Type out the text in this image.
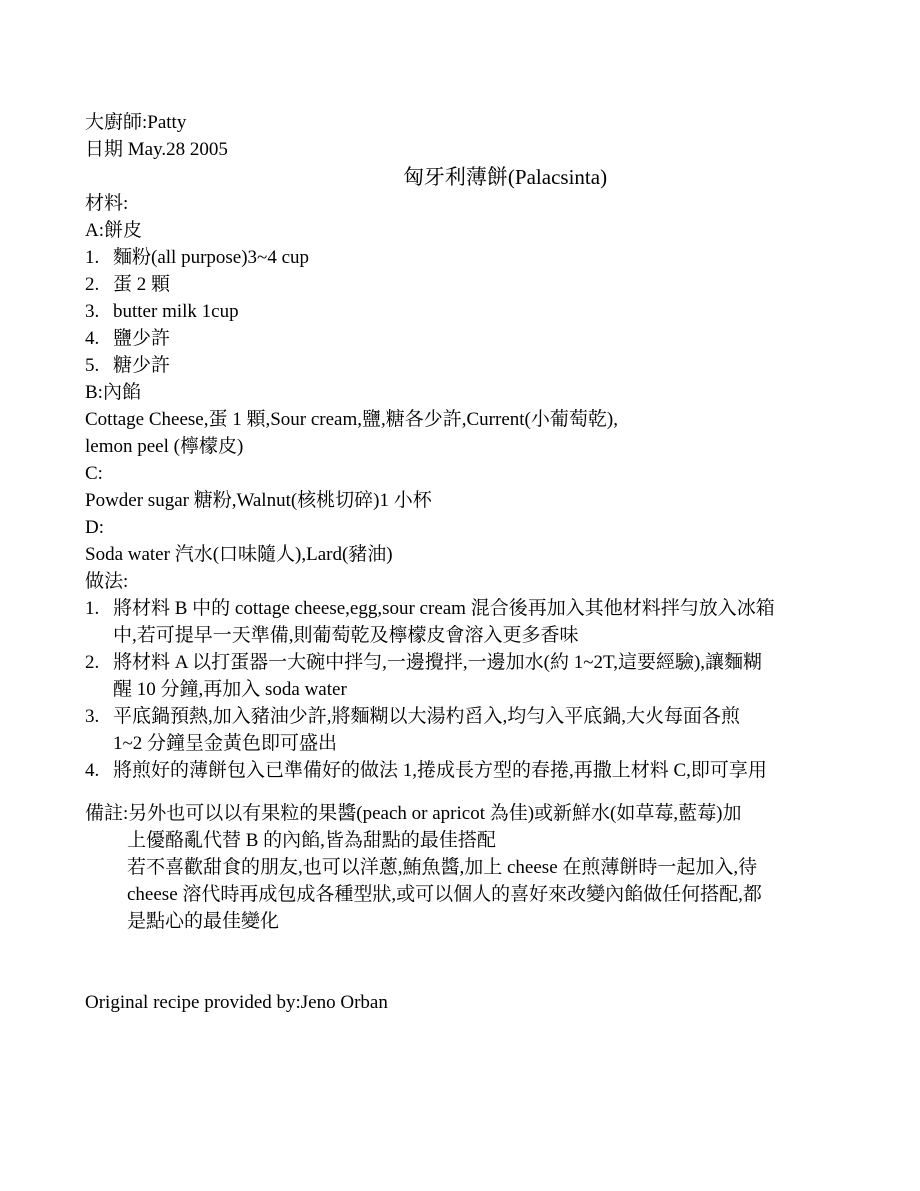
大廚師:Patty
日期 May.28 2005
匈牙利薄餅(Palacsinta)
材料:
A:餅皮
1. 麵粉(all purpose)3~4 cup
2. 蛋 2 顆
3. butter milk 1cup
4. 鹽少許
5. 糖少許
B:內餡
Cottage Cheese,蛋 1 顆,Sour cream,鹽,糖各少許,Current(小葡萄乾),
lemon peel (檸檬皮)
C:
Powder sugar 糖粉,Walnut(核桃切碎)1 小杯
D:
Soda water 汽水(口味隨人),Lard(豬油)
做法:
1. 將材料 B 中的 cottage cheese,egg,sour cream 混合後再加入其他材料拌勻放入冰箱
中,若可提早一天準備,則葡萄乾及檸檬皮會溶入更多香味
2. 將材料 A 以打蛋器一大碗中拌勻,一邊攪拌,一邊加水(約 1~2T,這要經驗),讓麵糊
醒 10 分鐘,再加入 soda water
3. 平底鍋預熱,加入豬油少許,將麵糊以大湯杓舀入,均勻入平底鍋,大火每面各煎
1~2 分鐘呈金黃色即可盛出
4. 將煎好的薄餅包入已準備好的做法 1,捲成長方型的春捲,再撒上材料 C,即可享用
備註:另外也可以以有果粒的果醬(peach or apricot 為佳)或新鮮水(如草莓,藍莓)加
上優酪亂代替 B 的內餡,皆為甜點的最佳搭配
若不喜歡甜食的朋友,也可以洋蔥,鮪魚醬,加上 cheese 在煎薄餅時一起加入,待
cheese 溶代時再成包成各種型狀,或可以個人的喜好來改變內餡做任何搭配,都
是點心的最佳變化
Original recipe provided by:Jeno Orban
